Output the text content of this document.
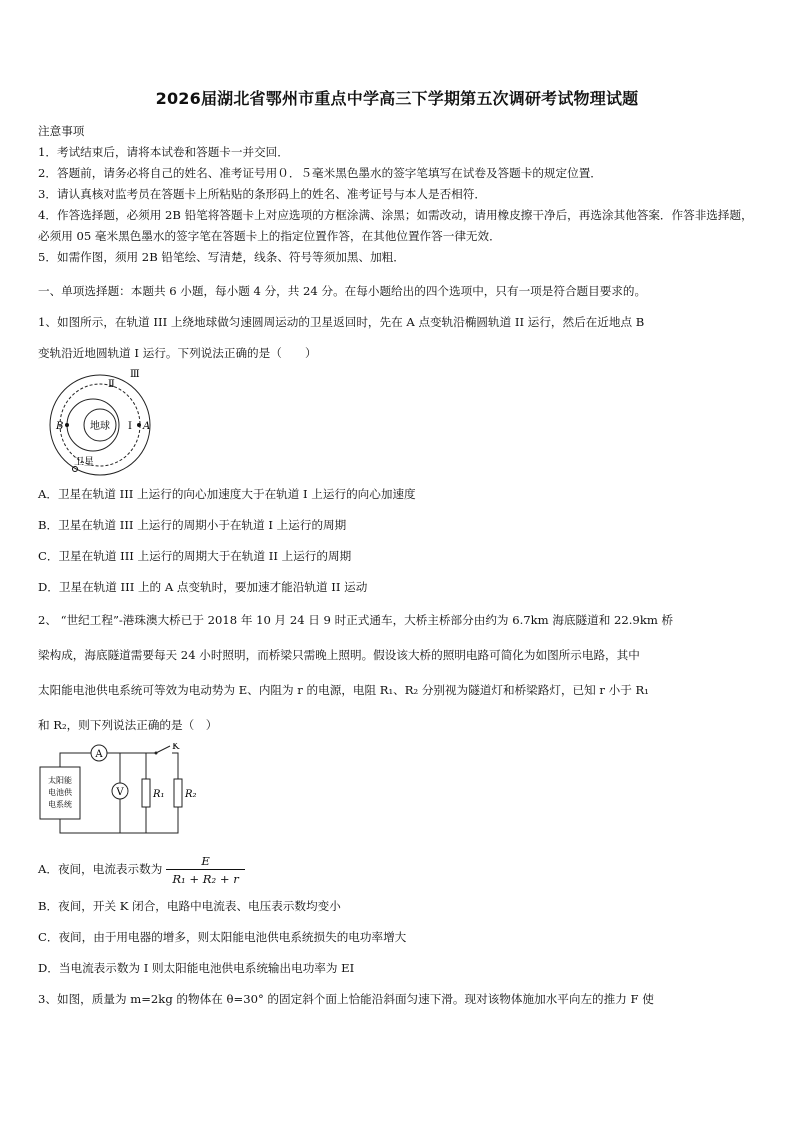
2026届湖北省鄂州市重点中学高三下学期第五次调研考试物理试题
注意事项
1．考试结束后，请将本试卷和答题卡一并交回．
2．答题前，请务必将自己的姓名、准考证号用０．５毫米黑色墨水的签字笔填写在试卷及答题卡的规定位置．
3．请认真核对监考员在答题卡上所粘贴的条形码上的姓名、准考证号与本人是否相符．
4．作答选择题，必须用 2B 铅笔将答题卡上对应选项的方框涂满、涂黑；如需改动，请用橡皮擦干净后，再选涂其他答案．作答非选择题，必须用 05 毫米黑色墨水的签字笔在答题卡上的指定位置作答，在其他位置作答一律无效．
5．如需作图，须用 2B 铅笔绘、写清楚，线条、符号等须加黑、加粗．
一、单项选择题：本题共 6 小题，每小题 4 分，共 24 分。在每小题给出的四个选项中，只有一项是符合题目要求的。
1、如图所示，在轨道 III 上绕地球做匀速圆周运动的卫星返回时，先在 A 点变轨沿椭圆轨道 II 运行，然后在近地点 B
变轨沿近地圆轨道 I 运行。下列说法正确的是（　　）
地球
B	A
I
Ⅱ
Ⅲ
卫星
A．卫星在轨道 III 上运行的向心加速度大于在轨道 I 上运行的向心加速度
B．卫星在轨道 III 上运行的周期小于在轨道 I 上运行的周期
C．卫星在轨道 III 上运行的周期大于在轨道 II 上运行的周期
D．卫星在轨道 III 上的 A 点变轨时，要加速才能沿轨道 II 运动
2、 “世纪工程”-港珠澳大桥已于 2018 年 10 月 24 日 9 时正式通车，大桥主桥部分由约为 6.7km 海底隧道和 22.9km 桥
梁构成，海底隧道需要每天 24 小时照明，而桥梁只需晚上照明。假设该大桥的照明电路可简化为如图所示电路，其中
太阳能电池供电系统可等效为电动势为 E、内阻为 r 的电源，电阻 R₁、R₂ 分别视为隧道灯和桥梁路灯，已知 r 小于 R₁
和 R₂，则下列说法正确的是（　）
太阳能
电池供
电系统
A
K
V	R₁ R₂
A．夜间，电流表示数为 $\frac{E}{\text{R₁ + R₂ + r}}$
B．夜间，开关 K 闭合，电路中电流表、电压表示数均变小
C．夜间，由于用电器的增多，则太阳能电池供电系统损失的电功率增大
D．当电流表示数为 I 则太阳能电池供电系统输出电功率为 EI
3、如图，质量为 m=2kg 的物体在 θ=30° 的固定斜个面上恰能沿斜面匀速下滑。现对该物体施加水平向左的推力 F 使
